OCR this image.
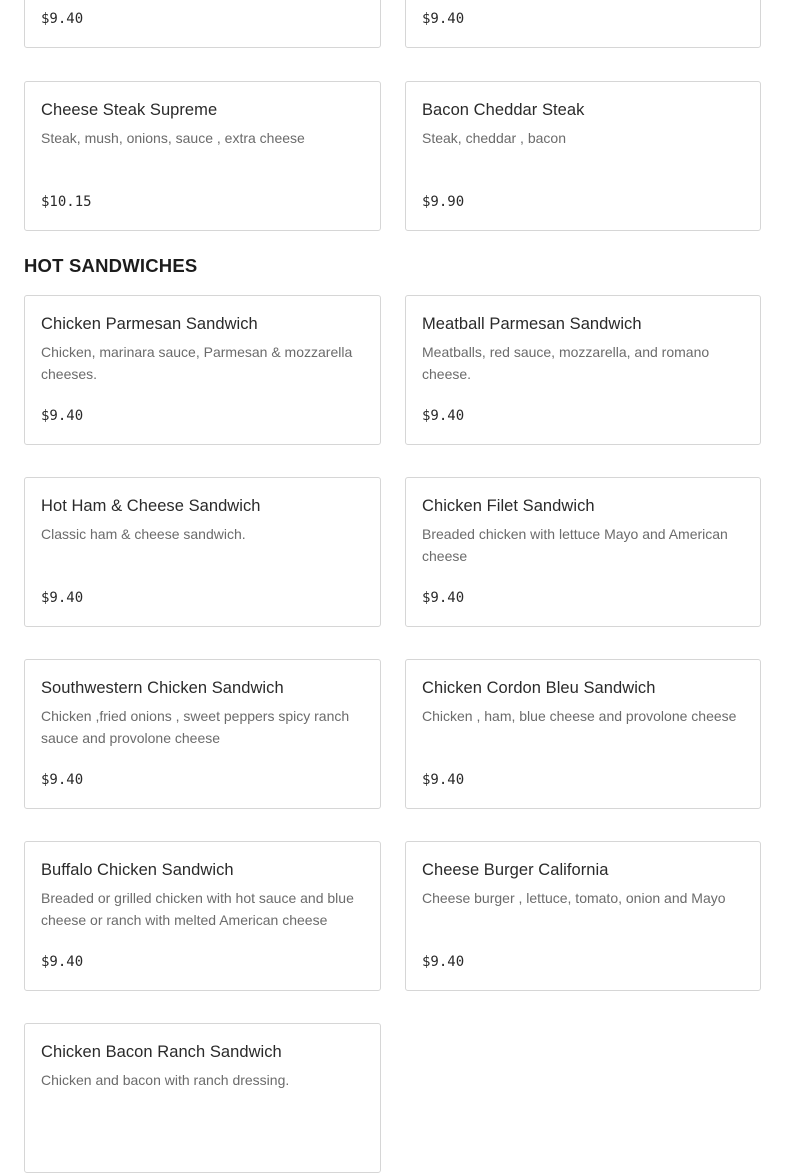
$9.40	$9.40
Cheese Steak Supreme
Steak, mush, onions, sauce , extra cheese
$10.15
Bacon Cheddar Steak
Steak, cheddar , bacon
$9.90
HOT SANDWICHES
Chicken Parmesan Sandwich
Chicken, marinara sauce, Parmesan & mozzarella cheeses.
$9.40
Meatball Parmesan Sandwich
Meatballs, red sauce, mozzarella, and romano cheese.
$9.40
Hot Ham & Cheese Sandwich
Classic ham & cheese sandwich.
$9.40
Chicken Filet Sandwich
Breaded chicken with lettuce Mayo and American cheese
$9.40
Southwestern Chicken Sandwich
Chicken ,fried onions , sweet peppers spicy ranch sauce and provolone cheese
$9.40
Chicken Cordon Bleu Sandwich
Chicken , ham, blue cheese and provolone cheese
$9.40
Buffalo Chicken Sandwich
Breaded or grilled chicken with hot sauce and blue cheese or ranch with melted American cheese
$9.40
Cheese Burger California
Cheese burger , lettuce, tomato, onion and Mayo
$9.40
Chicken Bacon Ranch Sandwich
Chicken and bacon with ranch dressing.
